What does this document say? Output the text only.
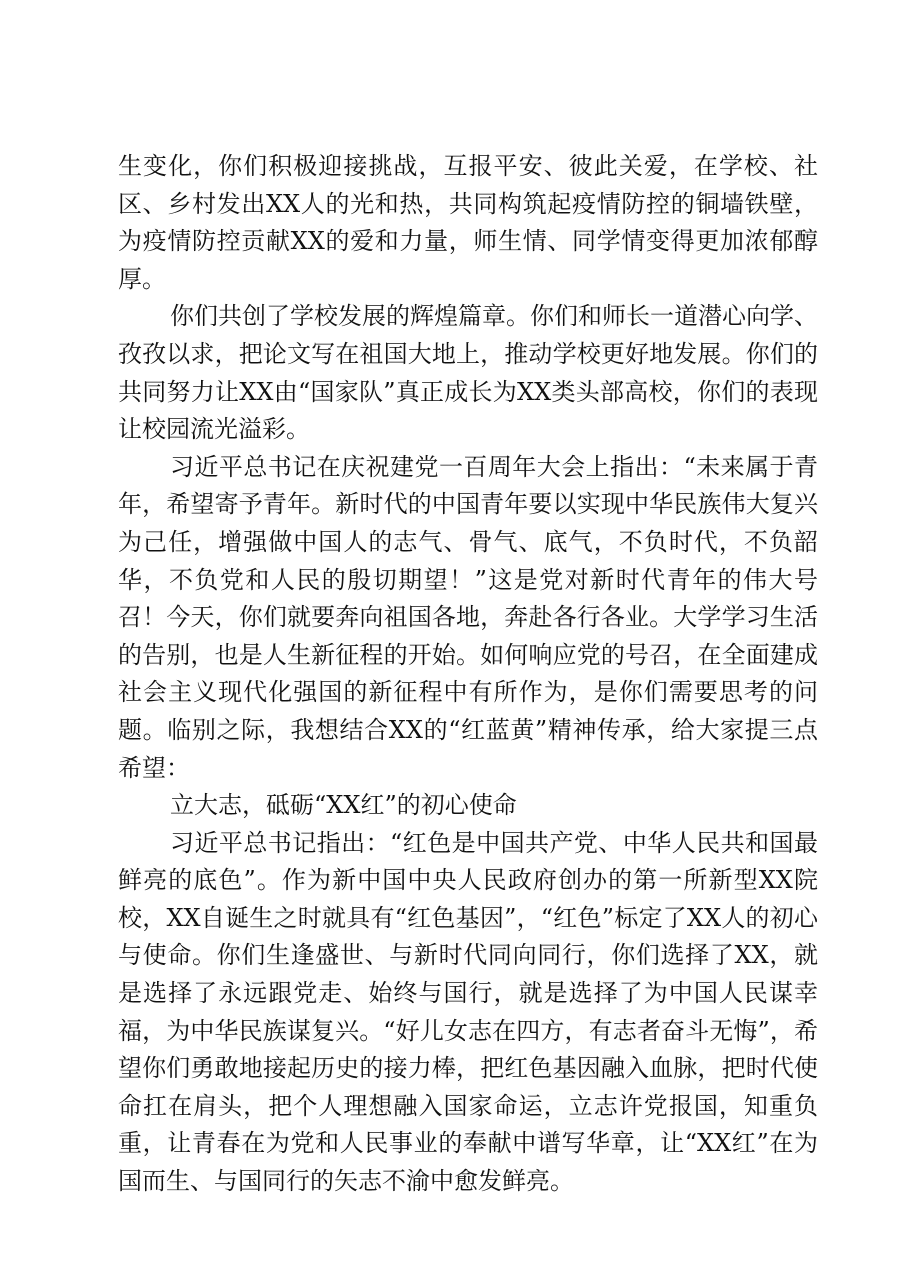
生变化，你们积极迎接挑战，互报平安、彼此关爱，在学校、社区、乡村发出XX人的光和热，共同构筑起疫情防控的铜墙铁壁，为疫情防控贡献XX的爱和力量，师生情、同学情变得更加浓郁醇厚。

你们共创了学校发展的辉煌篇章。你们和师长一道潜心向学、孜孜以求，把论文写在祖国大地上，推动学校更好地发展。你们的共同努力让XX由“国家队”真正成长为XX类头部高校，你们的表现让校园流光溢彩。

习近平总书记在庆祝建党一百周年大会上指出：“未来属于青年，希望寄予青年。新时代的中国青年要以实现中华民族伟大复兴为己任，增强做中国人的志气、骨气、底气，不负时代，不负韶华，不负党和人民的殷切期望！”这是党对新时代青年的伟大号召！今天，你们就要奔向祖国各地，奔赴各行各业。大学学习生活的告别，也是人生新征程的开始。如何响应党的号召，在全面建成社会主义现代化强国的新征程中有所作为，是你们需要思考的问题。临别之际，我想结合XX的“红蓝黄”精神传承，给大家提三点希望：

立大志，砥砺“XX红”的初心使命

习近平总书记指出：“红色是中国共产党、中华人民共和国最鲜亮的底色”。作为新中国中央人民政府创办的第一所新型XX院校，XX自诞生之时就具有“红色基因”，“红色”标定了XX人的初心与使命。你们生逢盛世、与新时代同向同行，你们选择了XX，就是选择了永远跟党走、始终与国行，就是选择了为中国人民谋幸福，为中华民族谋复兴。“好儿女志在四方，有志者奋斗无悔”，希望你们勇敢地接起历史的接力棒，把红色基因融入血脉，把时代使命扛在肩头，把个人理想融入国家命运，立志许党报国，知重负重，让青春在为党和人民事业的奉献中谱写华章，让“XX红”在为国而生、与国同行的矢志不渝中愈发鲜亮。
